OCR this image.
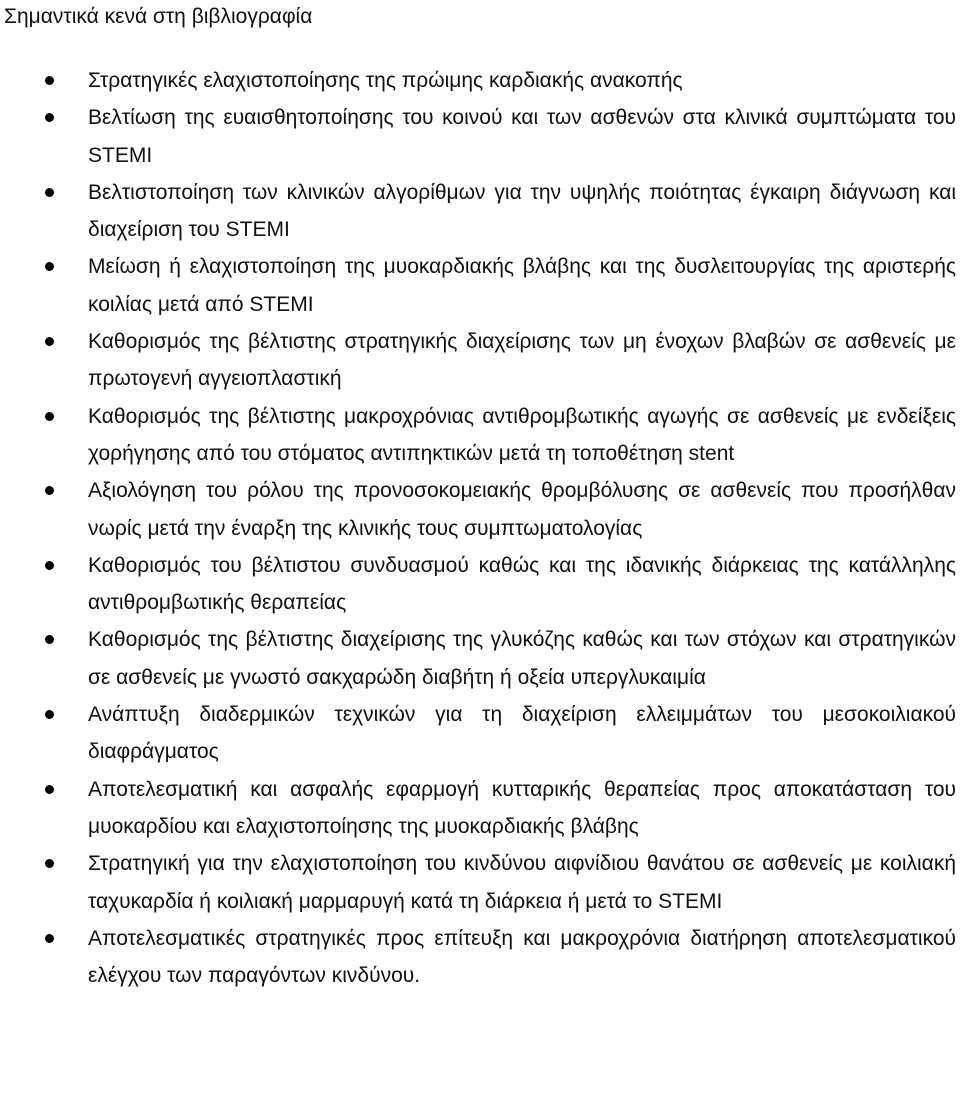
Σημαντικά κενά στη βιβλιογραφία
Στρατηγικές ελαχιστοποίησης της πρώιμης καρδιακής ανακοπής
Βελτίωση της ευαισθητοποίησης του κοινού και των ασθενών στα κλινικά συμπτώματα του STEMI
Βελτιστοποίηση των κλινικών αλγορίθμων για την υψηλής ποιότητας έγκαιρη διάγνωση και διαχείριση του STEMI
Μείωση ή ελαχιστοποίηση της μυοκαρδιακής βλάβης και της δυσλειτουργίας της αριστερής κοιλίας μετά από STEMI
Καθορισμός της βέλτιστης στρατηγικής διαχείρισης των μη ένοχων βλαβών σε ασθενείς με πρωτογενή αγγειοπλαστική
Καθορισμός της βέλτιστης μακροχρόνιας αντιθρομβωτικής αγωγής σε ασθενείς με ενδείξεις χορήγησης από του στόματος αντιπηκτικών μετά τη τοποθέτηση stent
Αξιολόγηση του ρόλου της προνοσοκομειακής θρομβόλυσης σε ασθενείς που προσήλθαν νωρίς μετά την έναρξη της κλινικής τους συμπτωματολογίας
Καθορισμός του βέλτιστου συνδυασμού καθώς και της ιδανικής διάρκειας της κατάλληλης αντιθρομβωτικής θεραπείας
Καθορισμός της βέλτιστης διαχείρισης της γλυκόζης καθώς και των στόχων και στρατηγικών σε ασθενείς με γνωστό σακχαρώδη διαβήτη ή οξεία υπεργλυκαιμία
Ανάπτυξη διαδερμικών τεχνικών για τη διαχείριση ελλειμμάτων του μεσοκοιλιακού διαφράγματος
Αποτελεσματική και ασφαλής εφαρμογή κυτταρικής θεραπείας προς αποκατάσταση του μυοκαρδίου και ελαχιστοποίησης της μυοκαρδιακής βλάβης
Στρατηγική για την ελαχιστοποίηση του κινδύνου αιφνίδιου θανάτου σε ασθενείς με κοιλιακή ταχυκαρδία ή κοιλιακή μαρμαρυγή κατά τη διάρκεια ή μετά το STEMI
Αποτελεσματικές στρατηγικές προς επίτευξη και μακροχρόνια διατήρηση αποτελεσματικού ελέγχου των παραγόντων κινδύνου.
